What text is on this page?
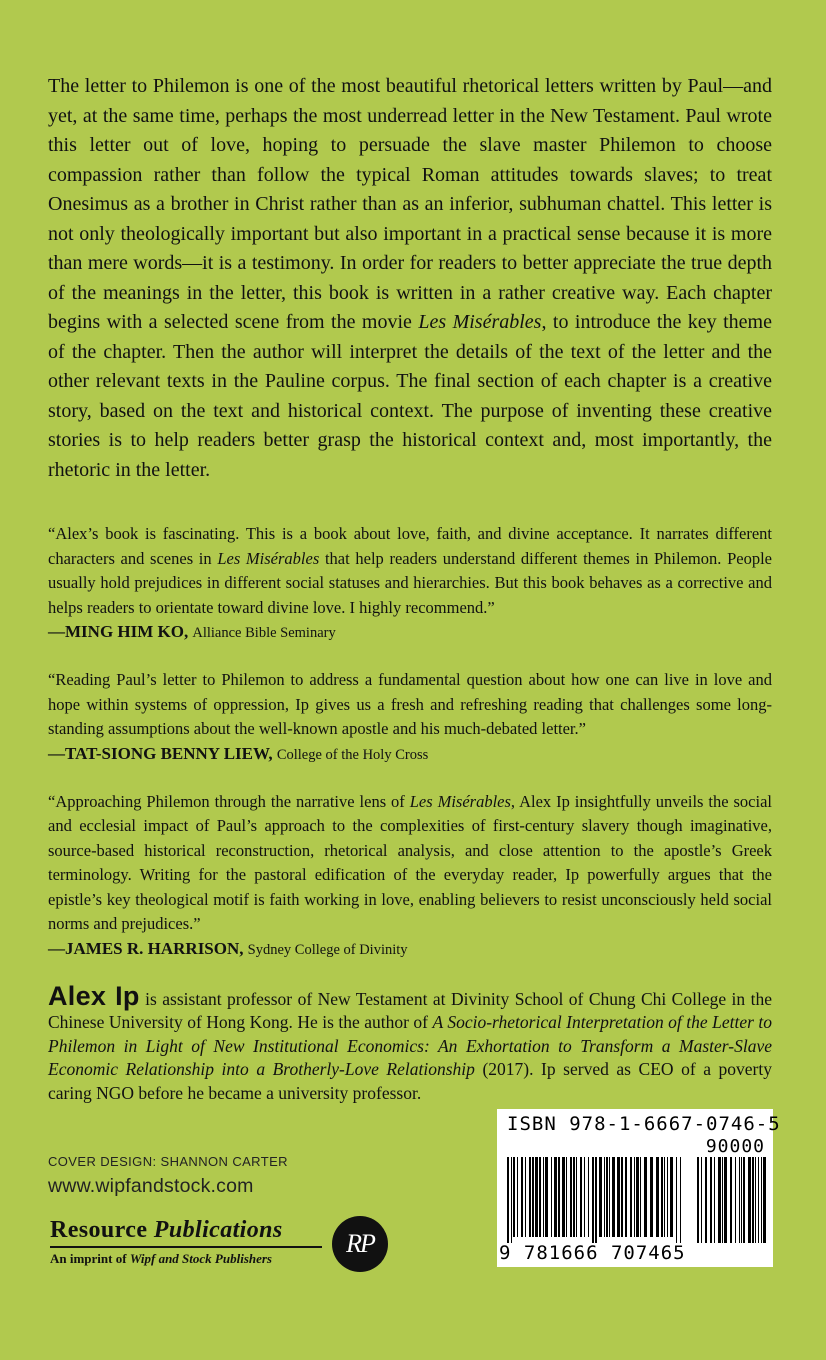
The letter to Philemon is one of the most beautiful rhetorical letters written by Paul—and yet, at the same time, perhaps the most underread letter in the New Testament. Paul wrote this letter out of love, hoping to persuade the slave master Philemon to choose compassion rather than follow the typical Roman attitudes towards slaves; to treat Onesimus as a brother in Christ rather than as an inferior, subhuman chattel. This letter is not only theologically important but also important in a practical sense because it is more than mere words—it is a testimony. In order for readers to better appreciate the true depth of the meanings in the letter, this book is written in a rather creative way. Each chapter begins with a selected scene from the movie Les Misérables, to introduce the key theme of the chapter. Then the author will interpret the details of the text of the letter and the other relevant texts in the Pauline corpus. The final section of each chapter is a creative story, based on the text and historical context. The purpose of inventing these creative stories is to help readers better grasp the historical context and, most importantly, the rhetoric in the letter.

“Alex’s book is fascinating. This is a book about love, faith, and divine acceptance. It narrates different characters and scenes in Les Misérables that help readers understand different themes in Philemon. People usually hold prejudices in different social statuses and hierarchies. But this book behaves as a corrective and helps readers to orientate toward divine love. I highly recommend.”

—MING HIM KO, Alliance Bible Seminary

“Reading Paul’s letter to Philemon to address a fundamental question about how one can live in love and hope within systems of oppression, Ip gives us a fresh and refreshing reading that challenges some long-standing assumptions about the well-known apostle and his much-debated letter.”

—TAT-SIONG BENNY LIEW, College of the Holy Cross

“Approaching Philemon through the narrative lens of Les Misérables, Alex Ip insightfully unveils the social and ecclesial impact of Paul’s approach to the complexities of first-century slavery though imaginative, source-based historical reconstruction, rhetorical analysis, and close attention to the apostle’s Greek terminology. Writing for the pastoral edification of the everyday reader, Ip powerfully argues that the epistle’s key theological motif is faith working in love, enabling believers to resist unconsciously held social norms and prejudices.”

—JAMES R. HARRISON, Sydney College of Divinity
Alex Ip is assistant professor of New Testament at Divinity School of Chung Chi College in the Chinese University of Hong Kong. He is the author of A Socio-rhetorical Interpretation of the Letter to Philemon in Light of New Institutional Economics: An Exhortation to Transform a Master-Slave Economic Relationship into a Brotherly-Love Relationship (2017). Ip served as CEO of a poverty caring NGO before he became a university professor.
COVER DESIGN: SHANNON CARTER
www.wipfandstock.com
Resource Publications
An imprint of Wipf and Stock Publishers
RP
ISBN 978-1-6667-0746-5
90000
9 781666 707465
